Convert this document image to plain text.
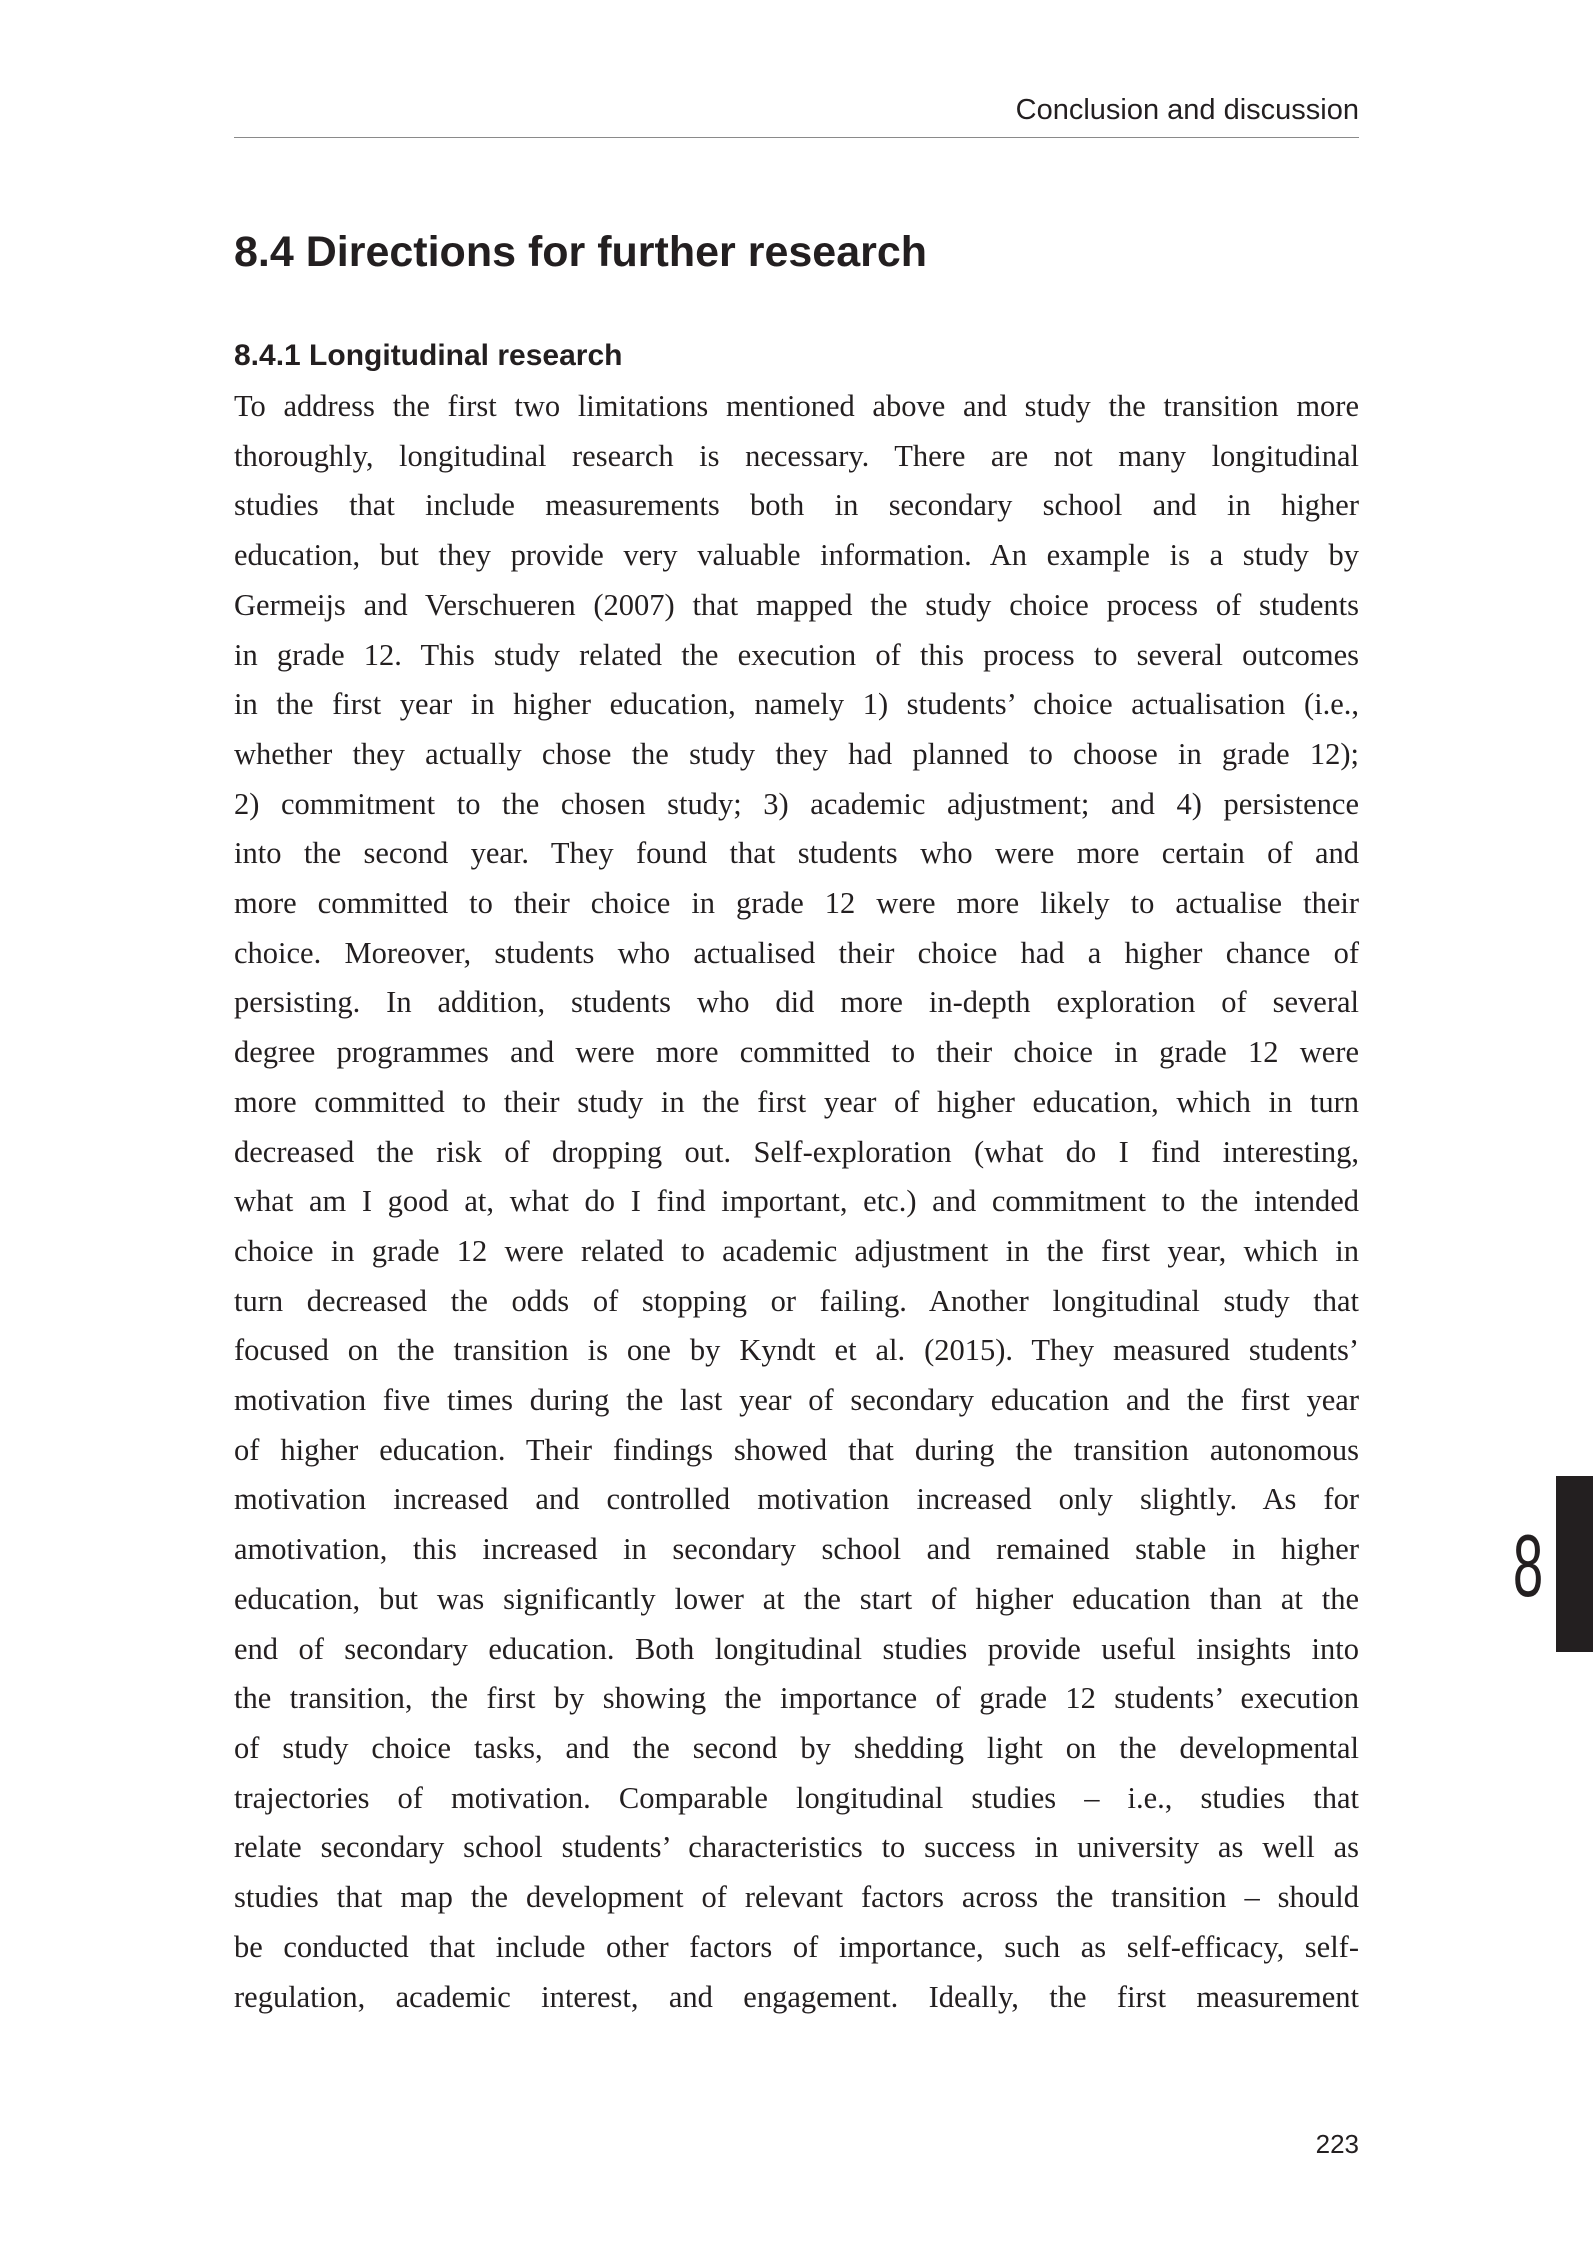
Conclusion and discussion
8.4 Directions for further research
8.4.1 Longitudinal research
To address the first two limitations mentioned above and study the transition more
thoroughly, longitudinal research is necessary. There are not many longitudinal
studies that include measurements both in secondary school and in higher
education, but they provide very valuable information. An example is a study by
Germeijs and Verschueren (2007) that mapped the study choice process of students
in grade 12. This study related the execution of this process to several outcomes
in the first year in higher education, namely 1) students’ choice actualisation (i.e.,
whether they actually chose the study they had planned to choose in grade 12);
2) commitment to the chosen study; 3) academic adjustment; and 4) persistence
into the second year. They found that students who were more certain of and
more committed to their choice in grade 12 were more likely to actualise their
choice. Moreover, students who actualised their choice had a higher chance of
persisting. In addition, students who did more in-depth exploration of several
degree programmes and were more committed to their choice in grade 12 were
more committed to their study in the first year of higher education, which in turn
decreased the risk of dropping out. Self-exploration (what do I find interesting,
what am I good at, what do I find important, etc.) and commitment to the intended
choice in grade 12 were related to academic adjustment in the first year, which in
turn decreased the odds of stopping or failing. Another longitudinal study that
focused on the transition is one by Kyndt et al. (2015). They measured students’
motivation five times during the last year of secondary education and the first year
of higher education. Their findings showed that during the transition autonomous
motivation increased and controlled motivation increased only slightly. As for
amotivation, this increased in secondary school and remained stable in higher
education, but was significantly lower at the start of higher education than at the
end of secondary education. Both longitudinal studies provide useful insights into
the transition, the first by showing the importance of grade 12 students’ execution
of study choice tasks, and the second by shedding light on the developmental
trajectories of motivation. Comparable longitudinal studies – i.e., studies that
relate secondary school students’ characteristics to success in university as well as
studies that map the development of relevant factors across the transition – should
be conducted that include other factors of importance, such as self-efficacy, self-
regulation, academic interest, and engagement. Ideally, the first measurement
8
223
